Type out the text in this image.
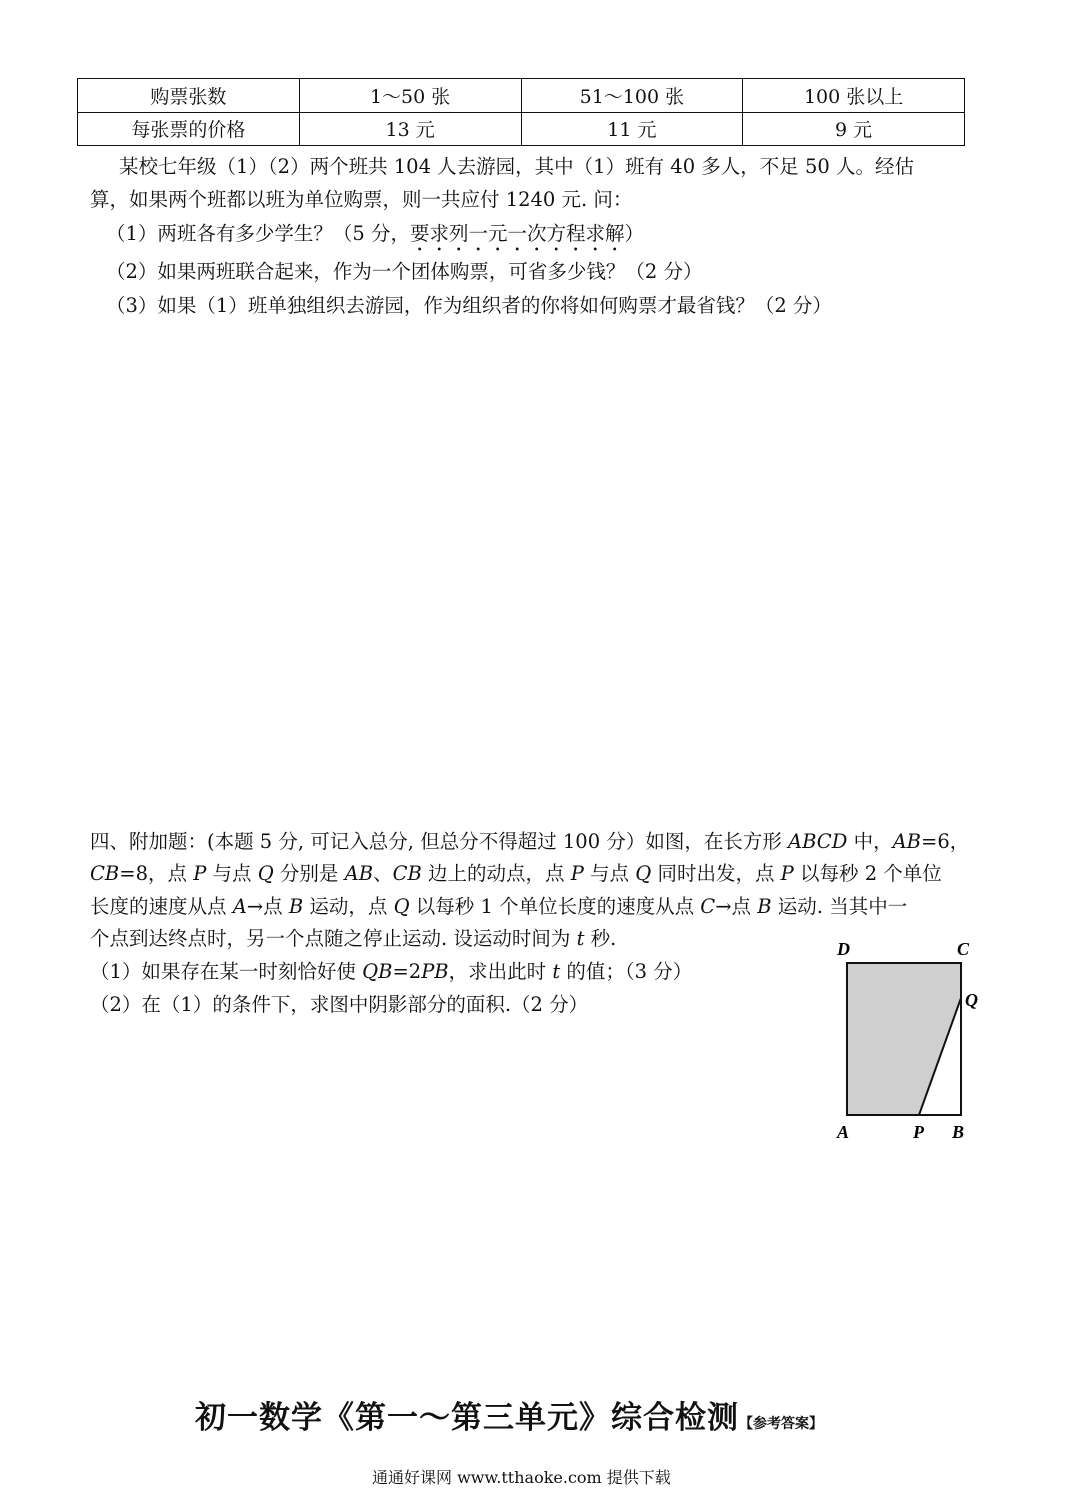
购票张数	1～50 张	51～100 张	100 张以上
每张票的价格	13 元	11 元	9 元
某校七年级（1）（2）两个班共 104 人去游园，其中（1）班有 40 多人，不足 50 人。经估
算，如果两个班都以班为单位购票，则一共应付 1240 元. 问：
（1）两班各有多少学生？（5 分，要求列一元一次方程求解）
（2）如果两班联合起来，作为一个团体购票，可省多少钱？（2 分）
（3）如果（1）班单独组织去游园，作为组织者的你将如何购票才最省钱？（2 分）
四、附加题：(本题 5 分, 可记入总分, 但总分不得超过 100 分）如图，在长方形 ABCD 中，AB=6，
CB=8，点 P 与点 Q 分别是 AB、CB 边上的动点，点 P 与点 Q 同时出发，点 P 以每秒 2 个单位
长度的速度从点 A→点 B 运动，点 Q 以每秒 1 个单位长度的速度从点 C→点 B 运动. 当其中一
个点到达终点时，另一个点随之停止运动. 设运动时间为 t 秒.
（1）如果存在某一时刻恰好使 QB=2PB，求出此时 t 的值；（3 分）
（2）在（1）的条件下，求图中阴影部分的面积.（2 分）
D	C
Q
A	P B
初一数学《第一～第三单元》综合检测【参考答案】
通通好课网 www.tthaoke.com 提供下载
